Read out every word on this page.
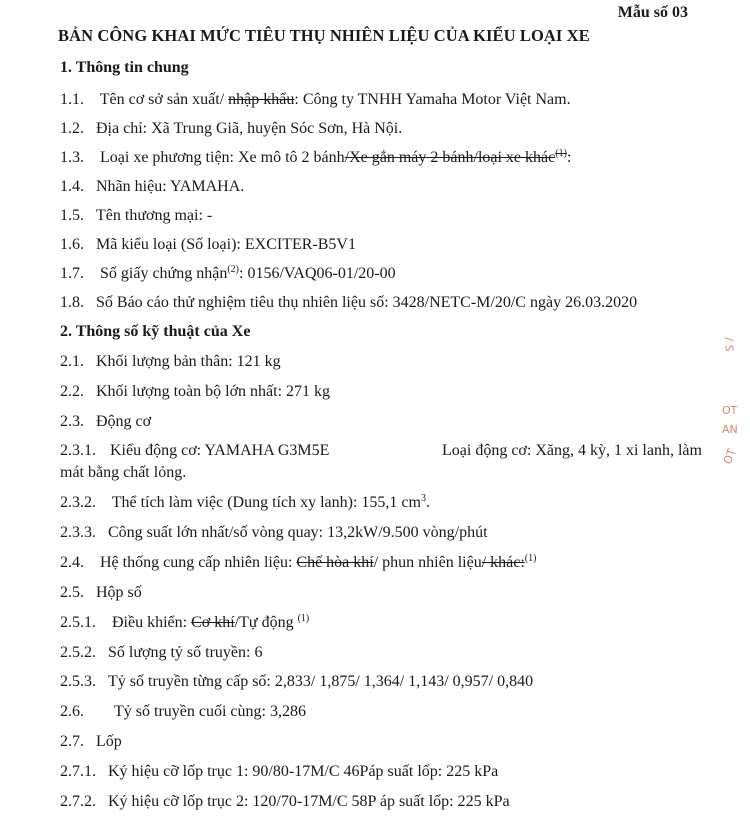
Mẫu số 03
BẢN CÔNG KHAI MỨC TIÊU THỤ NHIÊN LIỆU CỦA KIỂU LOẠI XE
1. Thông tin chung
1.1. Tên cơ sở sản xuất/ nhập khẩu: Công ty TNHH Yamaha Motor Việt Nam.
1.2. Địa chỉ: Xã Trung Giã, huyện Sóc Sơn, Hà Nội.
1.3. Loại xe phương tiện: Xe mô tô 2 bánh/Xe gắn máy 2 bánh/loại xe khác$^{(1)}$:
1.4. Nhãn hiệu: YAMAHA.
1.5. Tên thương mại: -
1.6. Mã kiểu loại (Số loại): EXCITER-B5V1
1.7. Số giấy chứng nhận$^{(2)}$: 0156/VAQ06-01/20-00
1.8. Số Báo cáo thử nghiệm tiêu thụ nhiên liệu số: 3428/NETC-M/20/C ngày 26.03.2020
2. Thông số kỹ thuật của Xe
2.1. Khối lượng bản thân: 121 kg
2.2. Khối lượng toàn bộ lớn nhất: 271 kg
2.3. Động cơ
2.3.1. Kiểu động cơ: YAMAHA G3M5E	Loại động cơ: Xăng, 4 kỳ, 1 xi lanh, làm
mát bằng chất lỏng.
2.3.2. Thể tích làm việc (Dung tích xy lanh): 155,1 $cm^3$.
2.3.3. Công suất lớn nhất/số vòng quay: 13,2kW/9.500 vòng/phút
2.4. Hệ thống cung cấp nhiên liệu: Chế hòa khí/ phun nhiên liệu/ khác:$^{(1)}$
2.5. Hộp số
2.5.1. Điều khiển: Cơ khí/Tự động $^{(1)}$
2.5.2. Số lượng tỷ số truyền: 6
2.5.3. Tỷ số truyền từng cấp số: 2,833/ 1,875/ 1,364/ 1,143/ 0,957/ 0,840
2.6. Tỷ số truyền cuối cùng: 3,286
2.7. Lốp
2.7.1. Ký hiệu cỡ lốp trục 1: 90/80-17M/C 46Páp suất lốp: 225 kPa
2.7.2. Ký hiệu cỡ lốp trục 2: 120/70-17M/C 58P áp suất lốp: 225 kPa
/ S
OT
AN
OT
